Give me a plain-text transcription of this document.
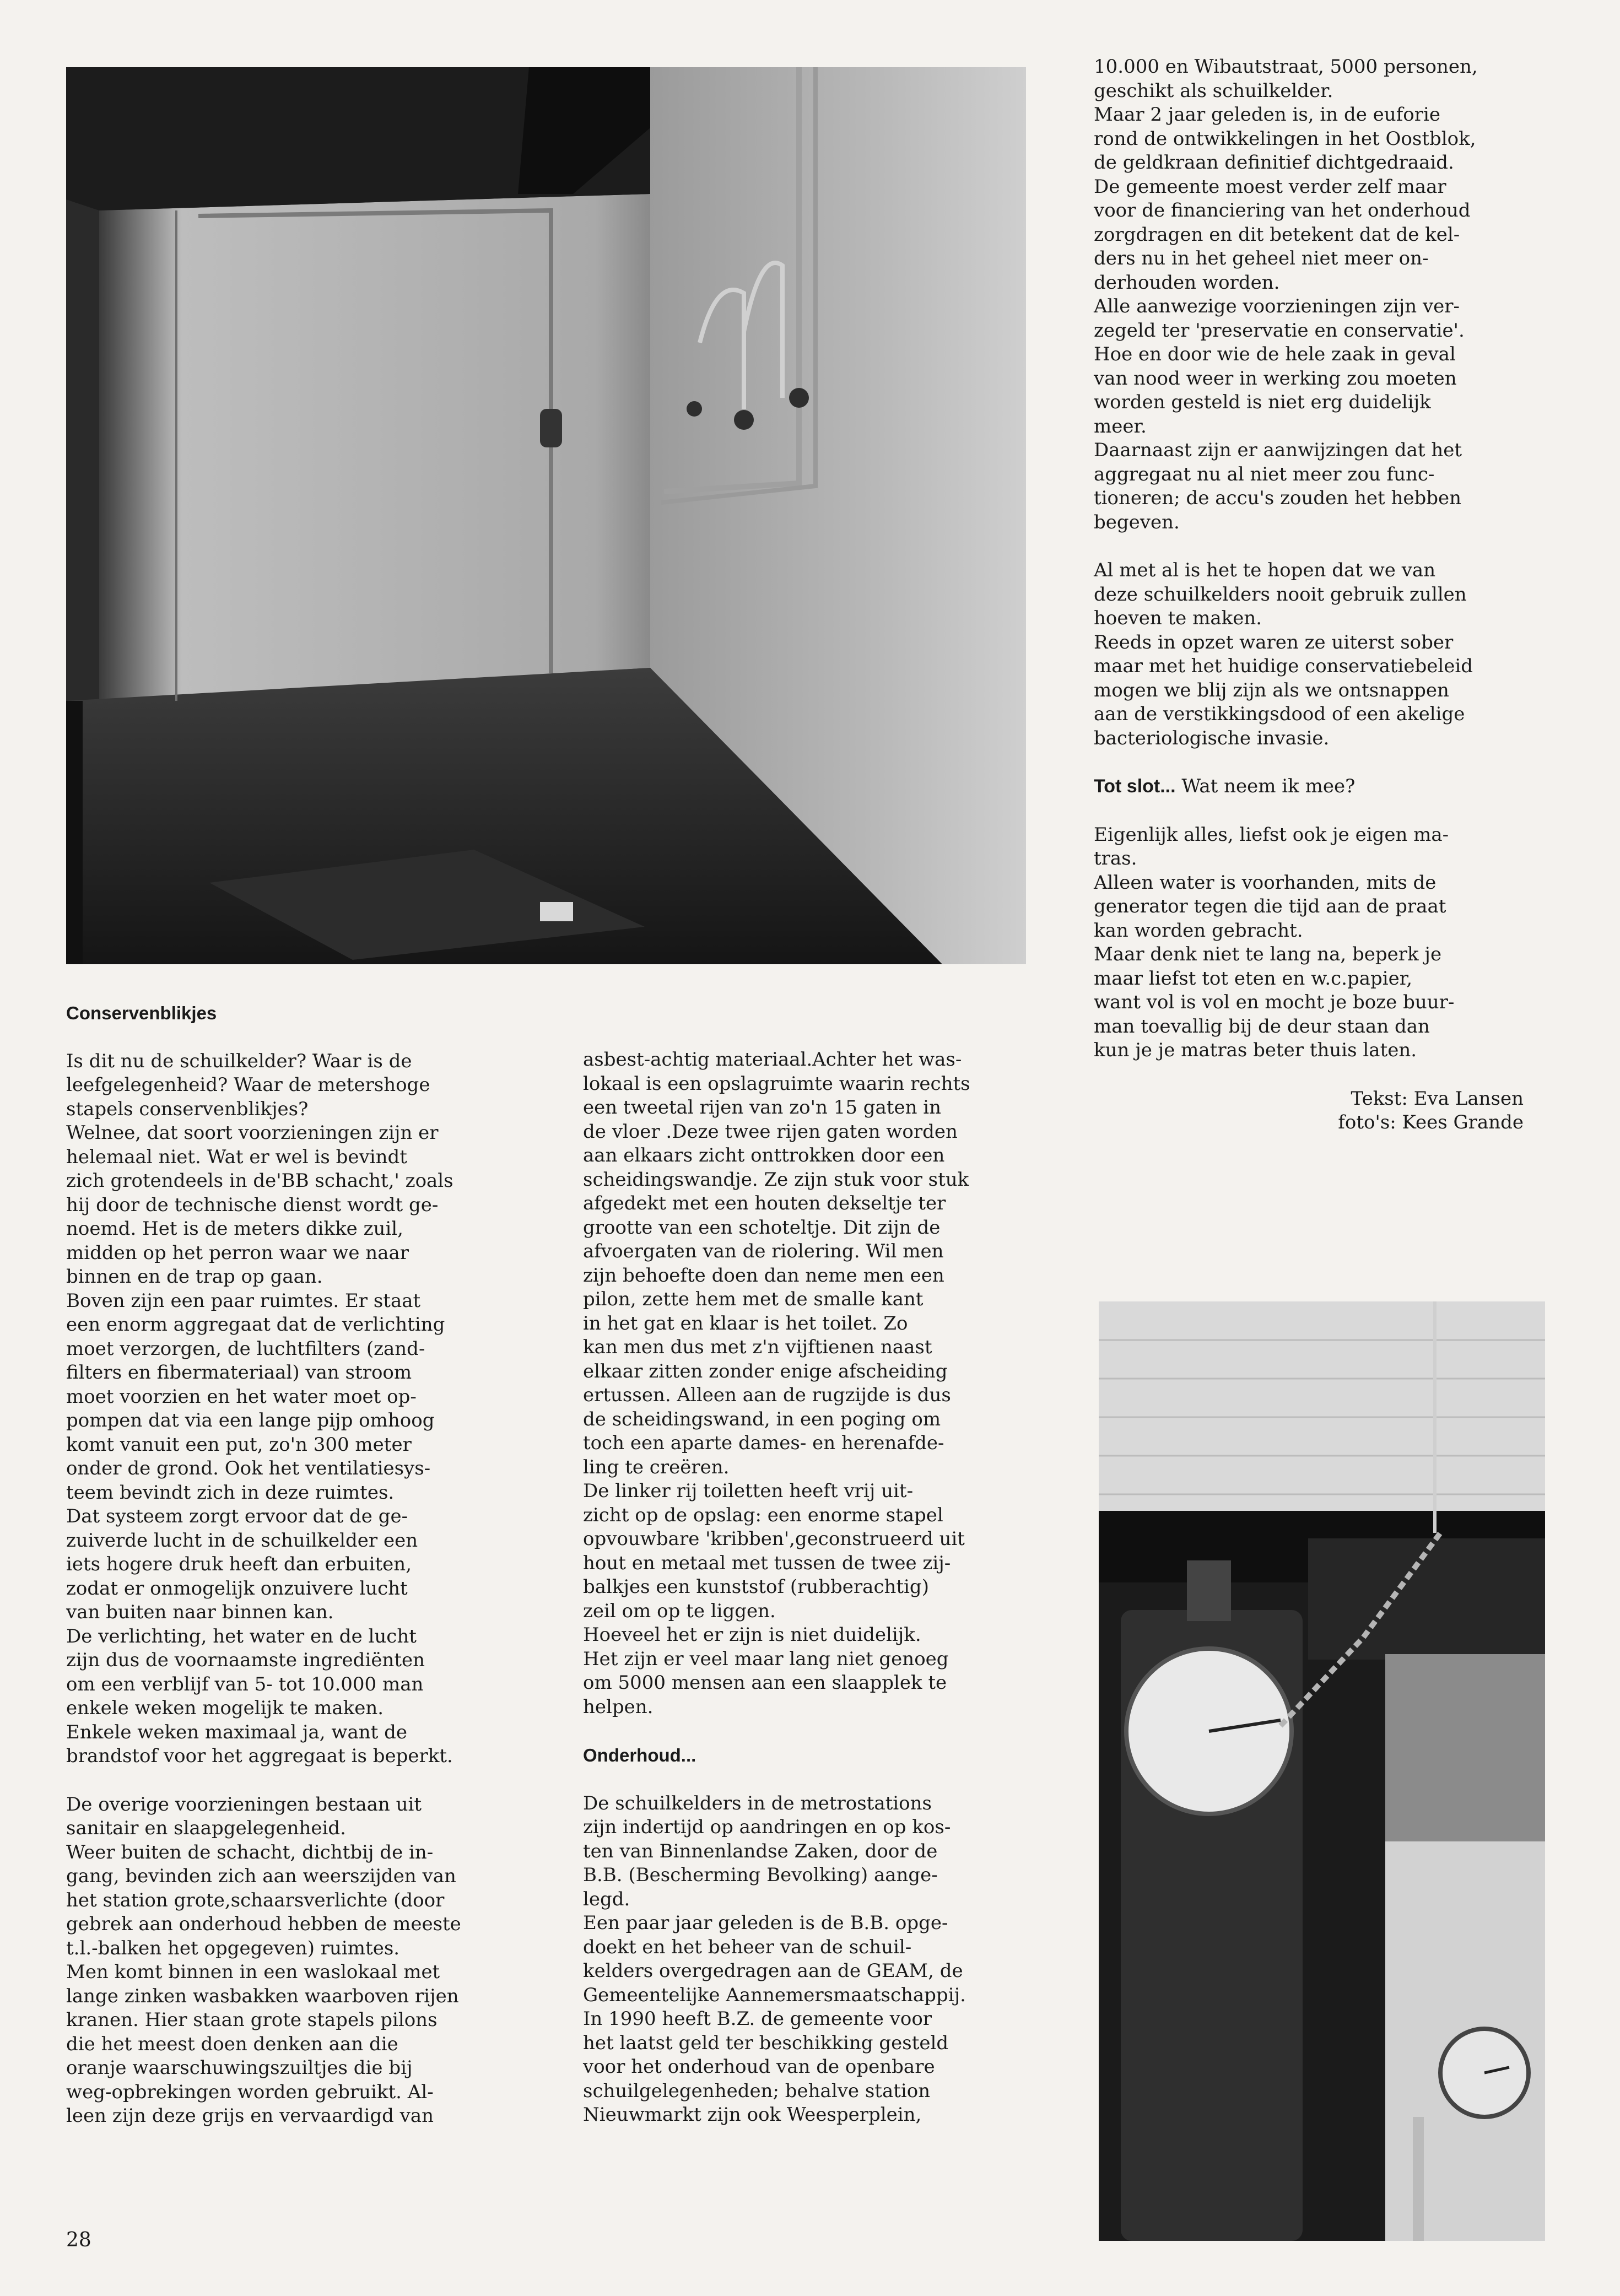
Conservenblikjes

Is dit nu de schuilkelder? Waar is de
leefgelegenheid? Waar de metershoge
stapels conservenblikjes?
Welnee, dat soort voorzieningen zijn er
helemaal niet. Wat er wel is bevindt
zich grotendeels in de'BB schacht,' zoals
hij door de technische dienst wordt ge-
noemd. Het is de meters dikke zuil,
midden op het perron waar we naar
binnen en de trap op gaan.
Boven zijn een paar ruimtes. Er staat
een enorm aggregaat dat de verlichting
moet verzorgen, de luchtfilters (zand-
filters en fibermateriaal) van stroom
moet voorzien en het water moet op-
pompen dat via een lange pijp omhoog
komt vanuit een put, zo'n 300 meter
onder de grond. Ook het ventilatiesys-
teem bevindt zich in deze ruimtes.
Dat systeem zorgt ervoor dat de ge-
zuiverde lucht in de schuilkelder een
iets hogere druk heeft dan erbuiten,
zodat er onmogelijk onzuivere lucht
van buiten naar binnen kan.
De verlichting, het water en de lucht
zijn dus de voornaamste ingrediënten
om een verblijf van 5- tot 10.000 man
enkele weken mogelijk te maken.
Enkele weken maximaal ja, want de
brandstof voor het aggregaat is beperkt.

De overige voorzieningen bestaan uit
sanitair en slaapgelegenheid.
Weer buiten de schacht, dichtbij de in-
gang, bevinden zich aan weerszijden van
het station grote,schaarsverlichte (door
gebrek aan onderhoud hebben de meeste
t.l.-balken het opgegeven) ruimtes.
Men komt binnen in een waslokaal met
lange zinken wasbakken waarboven rijen
kranen. Hier staan grote stapels pilons
die het meest doen denken aan die
oranje waarschuwingszuiltjes die bij
weg-opbrekingen worden gebruikt. Al-
leen zijn deze grijs en vervaardigd van

asbest-achtig materiaal.Achter het was-
lokaal is een opslagruimte waarin rechts
een tweetal rijen van zo'n 15 gaten in
de vloer .Deze twee rijen gaten worden
aan elkaars zicht onttrokken door een
scheidingswandje. Ze zijn stuk voor stuk
afgedekt met een houten dekseltje ter
grootte van een schoteltje. Dit zijn de
afvoergaten van de riolering. Wil men
zijn behoefte doen dan neme men een
pilon, zette hem met de smalle kant
in het gat en klaar is het toilet. Zo
kan men dus met z'n vijftienen naast
elkaar zitten zonder enige afscheiding
ertussen. Alleen aan de rugzijde is dus
de scheidingswand, in een poging om
toch een aparte dames- en herenafde-
ling te creëren.
De linker rij toiletten heeft vrij uit-
zicht op de opslag: een enorme stapel
opvouwbare 'kribben',geconstrueerd uit
hout en metaal met tussen de twee zij-
balkjes een kunststof (rubberachtig)
zeil om op te liggen.
Hoeveel het er zijn is niet duidelijk.
Het zijn er veel maar lang niet genoeg
om 5000 mensen aan een slaapplek te
helpen.

Onderhoud...

De schuilkelders in de metrostations
zijn indertijd op aandringen en op kos-
ten van Binnenlandse Zaken, door de
B.B. (Bescherming Bevolking) aange-
legd.
Een paar jaar geleden is de B.B. opge-
doekt en het beheer van de schuil-
kelders overgedragen aan de GEAM, de
Gemeentelijke Aannemersmaatschappij.
In 1990 heeft B.Z. de gemeente voor
het laatst geld ter beschikking gesteld
voor het onderhoud van de openbare
schuilgelegenheden; behalve station
Nieuwmarkt zijn ook Weesperplein,

10.000 en Wibautstraat, 5000 personen,
geschikt als schuilkelder.
Maar 2 jaar geleden is, in de euforie
rond de ontwikkelingen in het Oostblok,
de geldkraan definitief dichtgedraaid.
De gemeente moest verder zelf maar
voor de financiering van het onderhoud
zorgdragen en dit betekent dat de kel-
ders nu in het geheel niet meer on-
derhouden worden.
Alle aanwezige voorzieningen zijn ver-
zegeld ter 'preservatie en conservatie'.
Hoe en door wie de hele zaak in geval
van nood weer in werking zou moeten
worden gesteld is niet erg duidelijk
meer.
Daarnaast zijn er aanwijzingen dat het
aggregaat nu al niet meer zou func-
tioneren; de accu's zouden het hebben
begeven.

Al met al is het te hopen dat we van
deze schuilkelders nooit gebruik zullen
hoeven te maken.
Reeds in opzet waren ze uiterst sober
maar met het huidige conservatiebeleid
mogen we blij zijn als we ontsnappen
aan de verstikkingsdood of een akelige
bacteriologische invasie.

Tot slot... Wat neem ik mee?

Eigenlijk alles, liefst ook je eigen ma-
tras.
Alleen water is voorhanden, mits de
generator tegen die tijd aan de praat
kan worden gebracht.
Maar denk niet te lang na, beperk je
maar liefst tot eten en w.c.papier,
want vol is vol en mocht je boze buur-
man toevallig bij de deur staan dan
kun je je matras beter thuis laten.

Tekst: Eva Lansen

foto's: Kees Grande

28
